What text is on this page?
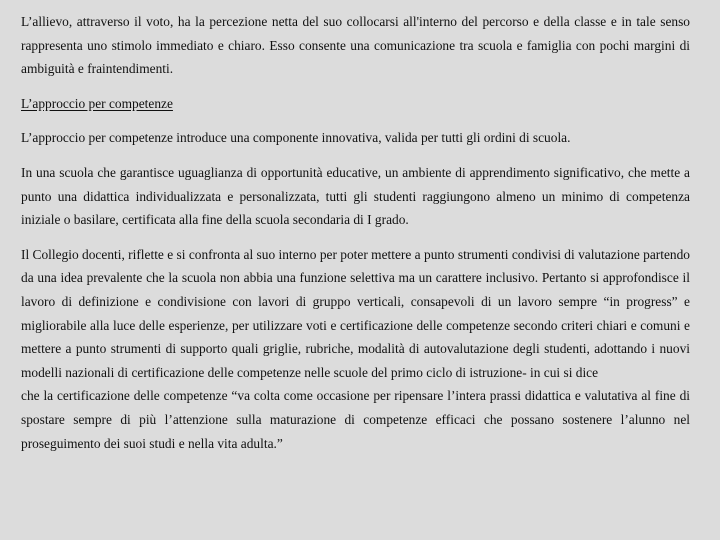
L’allievo, attraverso il voto, ha la percezione netta del suo collocarsi all'interno del percorso e della classe e in tale senso rappresenta uno stimolo immediato e chiaro. Esso consente una comunicazione tra scuola e famiglia con pochi margini di ambiguità e fraintendimenti.

L’approccio per competenze

L’approccio per competenze introduce una componente innovativa, valida per tutti gli ordini di scuola.

In una scuola che garantisce uguaglianza di opportunità educative, un ambiente di apprendimento significativo, che mette a punto una didattica individualizzata e personalizzata, tutti gli studenti raggiungono almeno un minimo di competenza iniziale o basilare, certificata alla fine della scuola secondaria di I grado.

Il Collegio docenti, riflette e si confronta al suo interno per poter mettere a punto strumenti condivisi di valutazione partendo da una idea prevalente che la scuola non abbia una funzione selettiva ma un carattere inclusivo. Pertanto si approfondisce il lavoro di definizione e condivisione con lavori di gruppo verticali, consapevoli di un lavoro sempre “in progress” e migliorabile alla luce delle esperienze, per utilizzare voti e certificazione delle competenze secondo criteri chiari e comuni e mettere a punto strumenti di supporto quali griglie, rubriche, modalità di autovalutazione degli studenti, adottando i nuovi modelli nazionali di certificazione delle competenze nelle scuole del primo ciclo di istruzione- in cui si dice
che la certificazione delle competenze “va colta come occasione per ripensare l’intera prassi didattica e valutativa al fine di spostare sempre di più l’attenzione sulla maturazione di competenze efficaci che possano sostenere l’alunno nel proseguimento dei suoi studi e nella vita adulta.”
